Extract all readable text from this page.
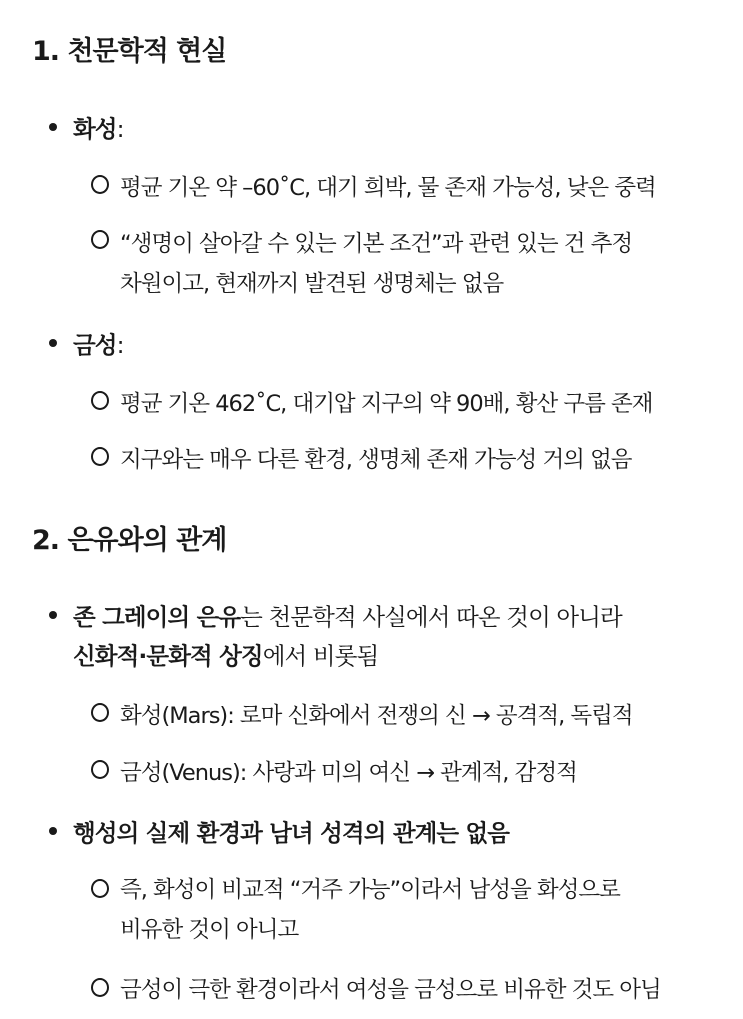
1. 천문학적 현실
화성:
평균 기온 약 –60˚C, 대기 희박, 물 존재 가능성, 낮은 중력
“생명이 살아갈 수 있는 기본 조건”과 관련 있는 건 추정
차원이고, 현재까지 발견된 생명체는 없음
금성:
평균 기온 462˚C, 대기압 지구의 약 90배, 황산 구름 존재
지구와는 매우 다른 환경, 생명체 존재 가능성 거의 없음
2. 은유와의 관계
존 그레이의 은유는 천문학적 사실에서 따온 것이 아니라
신화적·문화적 상징에서 비롯됨
화성(Mars): 로마 신화에서 전쟁의 신 → 공격적, 독립적
금성(Venus): 사랑과 미의 여신 → 관계적, 감정적
행성의 실제 환경과 남녀 성격의 관계는 없음
즉, 화성이 비교적 “거주 가능”이라서 남성을 화성으로
비유한 것이 아니고
금성이 극한 환경이라서 여성을 금성으로 비유한 것도 아님
